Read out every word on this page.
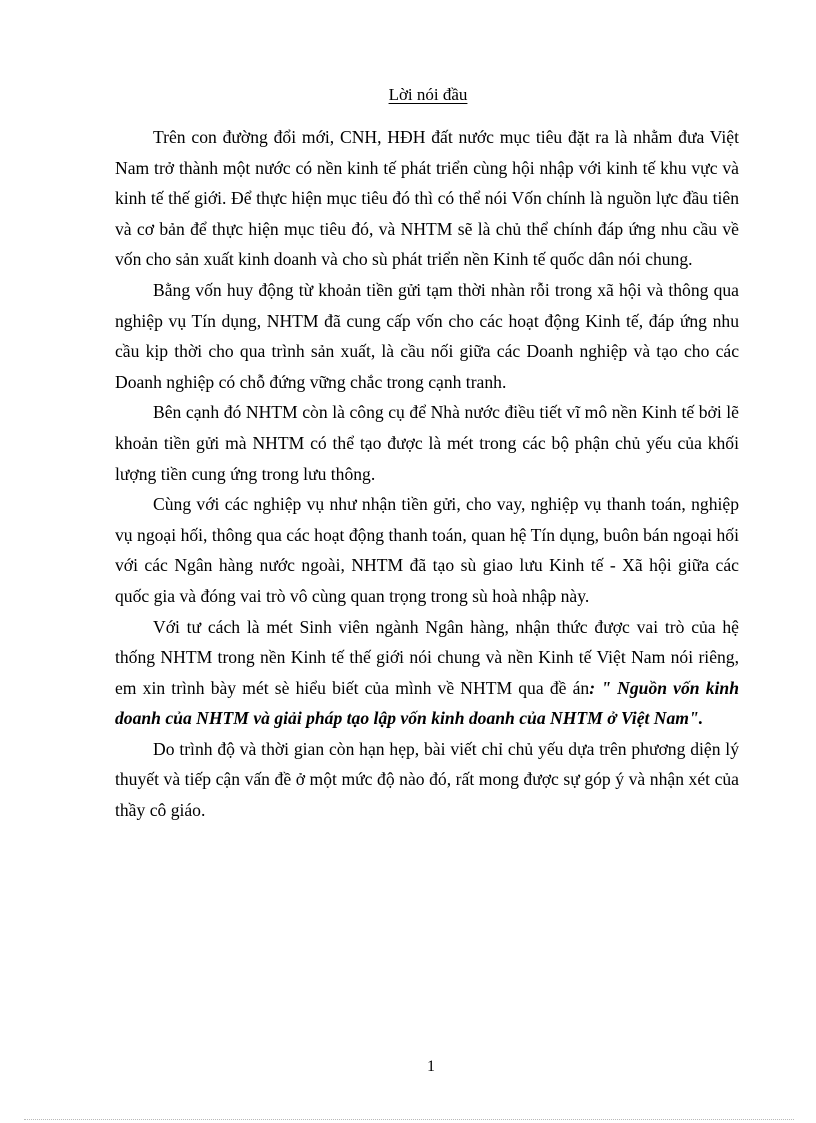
Lời nói đầu

Trên con đường đổi mới, CNH, HĐH đất nước mục tiêu đặt ra là nhằm đưa Việt Nam trở thành một nước có nền kinh tế phát triển cùng hội nhập với kinh tế khu vực và kinh tế thế giới. Để thực hiện mục tiêu đó thì có thể nói Vốn chính là nguồn lực đầu tiên và cơ bản để thực hiện mục tiêu đó, và NHTM sẽ là chủ thể chính đáp ứng nhu cầu về vốn cho sản xuất kinh doanh và cho sù phát triển nền Kinh tế quốc dân nói chung.

Bằng vốn huy động từ khoản tiền gửi tạm thời nhàn rỗi trong xã hội và thông qua nghiệp vụ Tín dụng, NHTM đã cung cấp vốn cho các hoạt động Kinh tế, đáp ứng nhu cầu kịp thời cho qua trình sản xuất, là cầu nối giữa các Doanh nghiệp và tạo cho các Doanh nghiệp có chỗ đứng vững chắc trong cạnh tranh.

Bên cạnh đó NHTM còn là công cụ để Nhà nước điều tiết vĩ mô nền Kinh tế bởi lẽ khoản tiền gửi mà NHTM có thể tạo được là mét trong các bộ phận chủ yếu của khối lượng tiền cung ứng trong lưu thông.

Cùng với các nghiệp vụ như nhận tiền gửi, cho vay, nghiệp vụ thanh toán, nghiệp vụ ngoại hối, thông qua các hoạt động thanh toán, quan hệ Tín dụng, buôn bán ngoại hối với các Ngân hàng nước ngoài, NHTM đã tạo sù giao lưu Kinh tế - Xã hội giữa các quốc gia và đóng vai trò vô cùng quan trọng trong sù hoà nhập này.

Với tư cách là mét Sinh viên ngành Ngân hàng, nhận thức được vai trò của hệ thống NHTM trong nền Kinh tế thế giới nói chung và nền Kinh tế Việt Nam nói riêng, em xin trình bày mét sè hiểu biết của mình về NHTM qua đề án: " Nguồn vốn kinh doanh của NHTM và giải pháp tạo lập vốn kinh doanh của NHTM ở Việt Nam".

Do trình độ và thời gian còn hạn hẹp, bài viết chỉ chủ yếu dựa trên phương diện lý thuyết và tiếp cận vấn đề ở một mức độ nào đó, rất mong được sự góp ý và nhận xét của thầy cô giáo.

1
